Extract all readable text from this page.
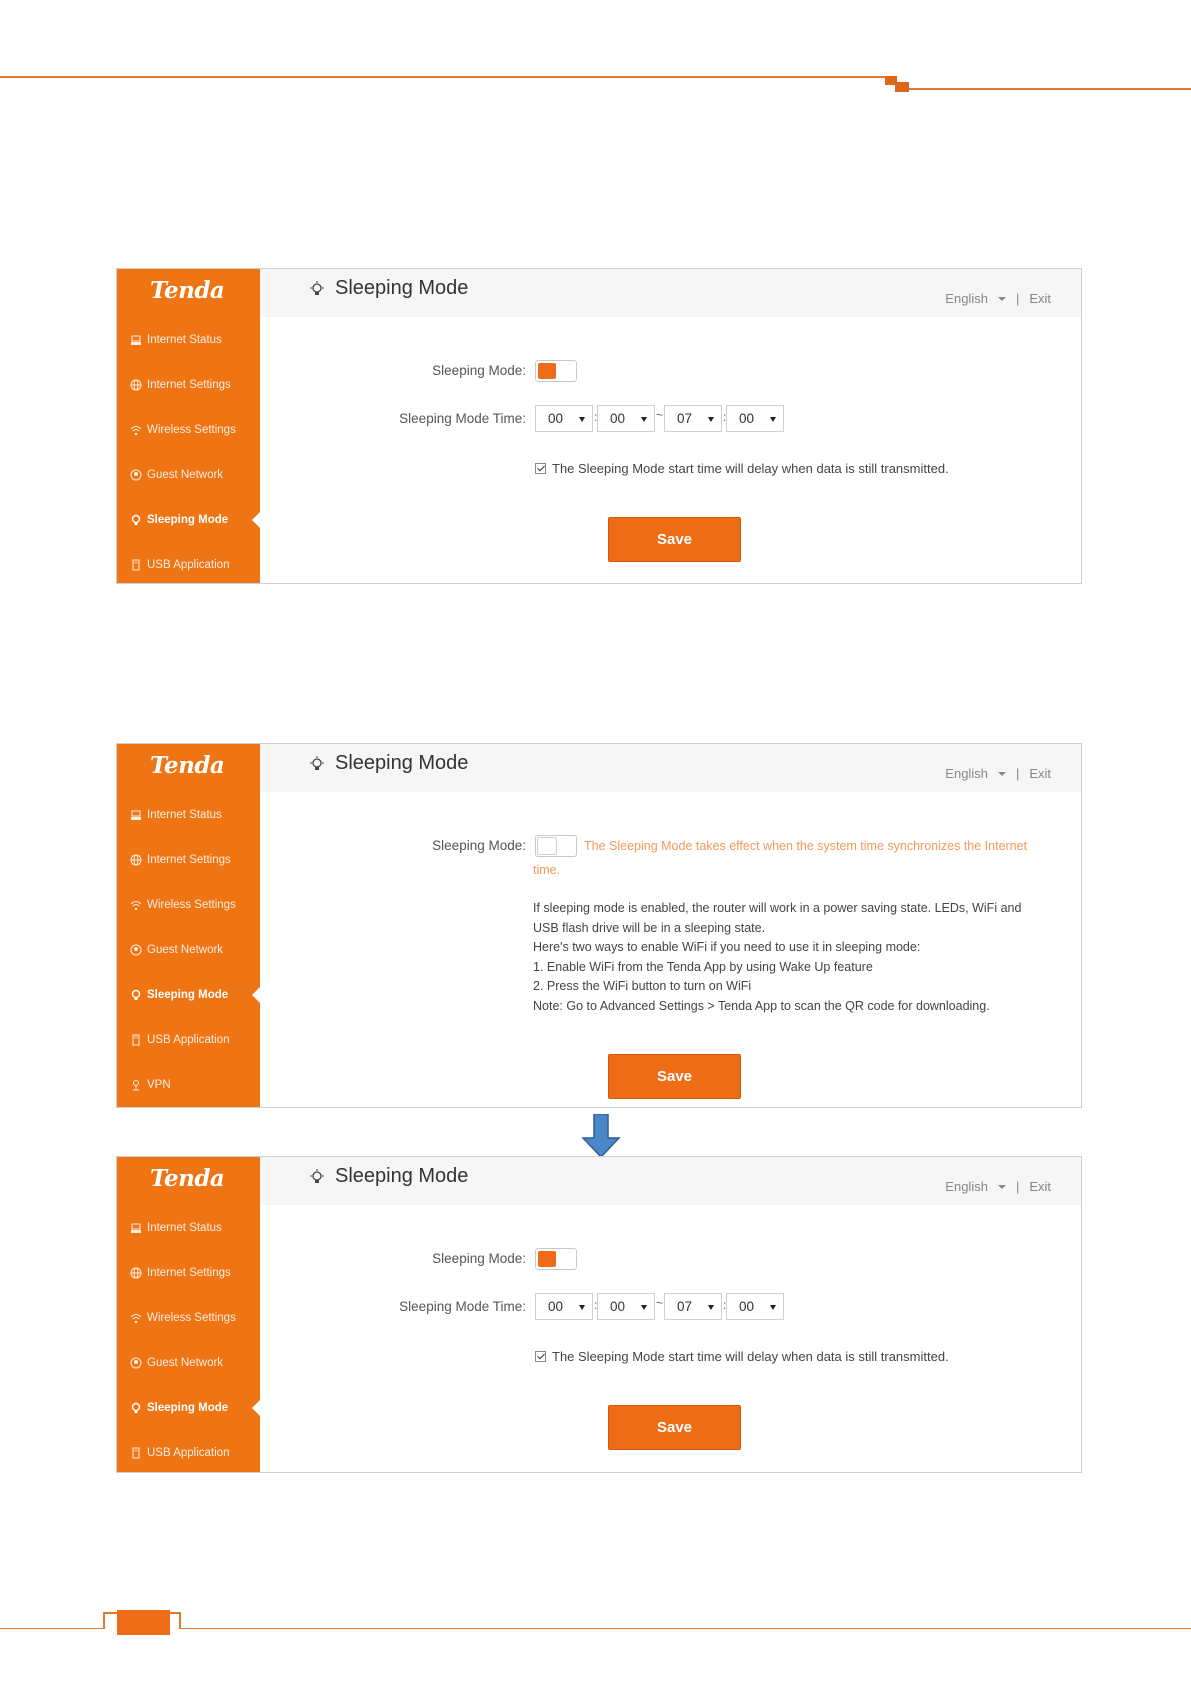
Tenda
Internet Status
Internet Settings
Wireless Settings
Guest Network
Sleeping Mode
USB Application
Sleeping Mode	English | Exit
Sleeping Mode:
Sleeping Mode Time: 00	: 00	~ 07	: 00
The Sleeping Mode start time will delay when data is still transmitted.
Save
Tenda
Internet Status
Internet Settings
Wireless Settings
Guest Network
Sleeping Mode
USB Application
VPN
Sleeping Mode	English | Exit
Sleeping Mode:	The Sleeping Mode takes effect when the system time synchronizes the Internet
time.
If sleeping mode is enabled, the router will work in a power saving state. LEDs, WiFi and
USB flash drive will be in a sleeping state.
Here's two ways to enable WiFi if you need to use it in sleeping mode:
1. Enable WiFi from the Tenda App by using Wake Up feature
2. Press the WiFi button to turn on WiFi
Note: Go to Advanced Settings > Tenda App to scan the QR code for downloading.
Save
Tenda
Internet Status
Internet Settings
Wireless Settings
Guest Network
Sleeping Mode
USB Application
Sleeping Mode	English | Exit
Sleeping Mode:
Sleeping Mode Time: 00	: 00	~ 07	: 00
The Sleeping Mode start time will delay when data is still transmitted.
Save
